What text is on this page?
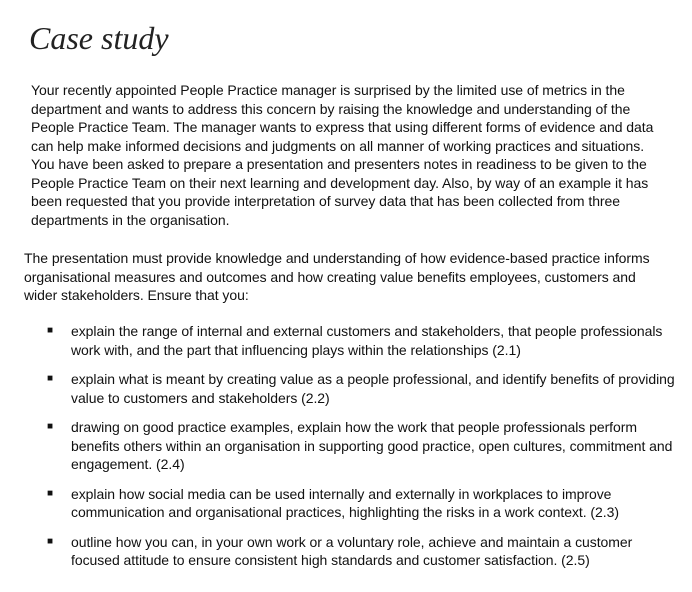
Case study

Your recently appointed People Practice manager is surprised by the limited use of metrics in the department and wants to address this concern by raising the knowledge and understanding of the People Practice Team. The manager wants to express that using different forms of evidence and data can help make informed decisions and judgments on all manner of working practices and situations. You have been asked to prepare a presentation and presenters notes in readiness to be given to the People Practice Team on their next learning and development day. Also, by way of an example it has been requested that you provide interpretation of survey data that has been collected from three departments in the organisation.

The presentation must provide knowledge and understanding of how evidence-based practice informs organisational measures and outcomes and how creating value benefits employees, customers and wider stakeholders. Ensure that you:

■ explain the range of internal and external customers and stakeholders, that people professionals work with, and the part that influencing plays within the relationships (2.1)
■ explain what is meant by creating value as a people professional, and identify benefits of providing value to customers and stakeholders (2.2)
■ drawing on good practice examples, explain how the work that people professionals perform benefits others within an organisation in supporting good practice, open cultures, commitment and engagement. (2.4)
■ explain how social media can be used internally and externally in workplaces to improve communication and organisational practices, highlighting the risks in a work context. (2.3)
■ outline how you can, in your own work or a voluntary role, achieve and maintain a customer focused attitude to ensure consistent high standards and customer satisfaction. (2.5)
